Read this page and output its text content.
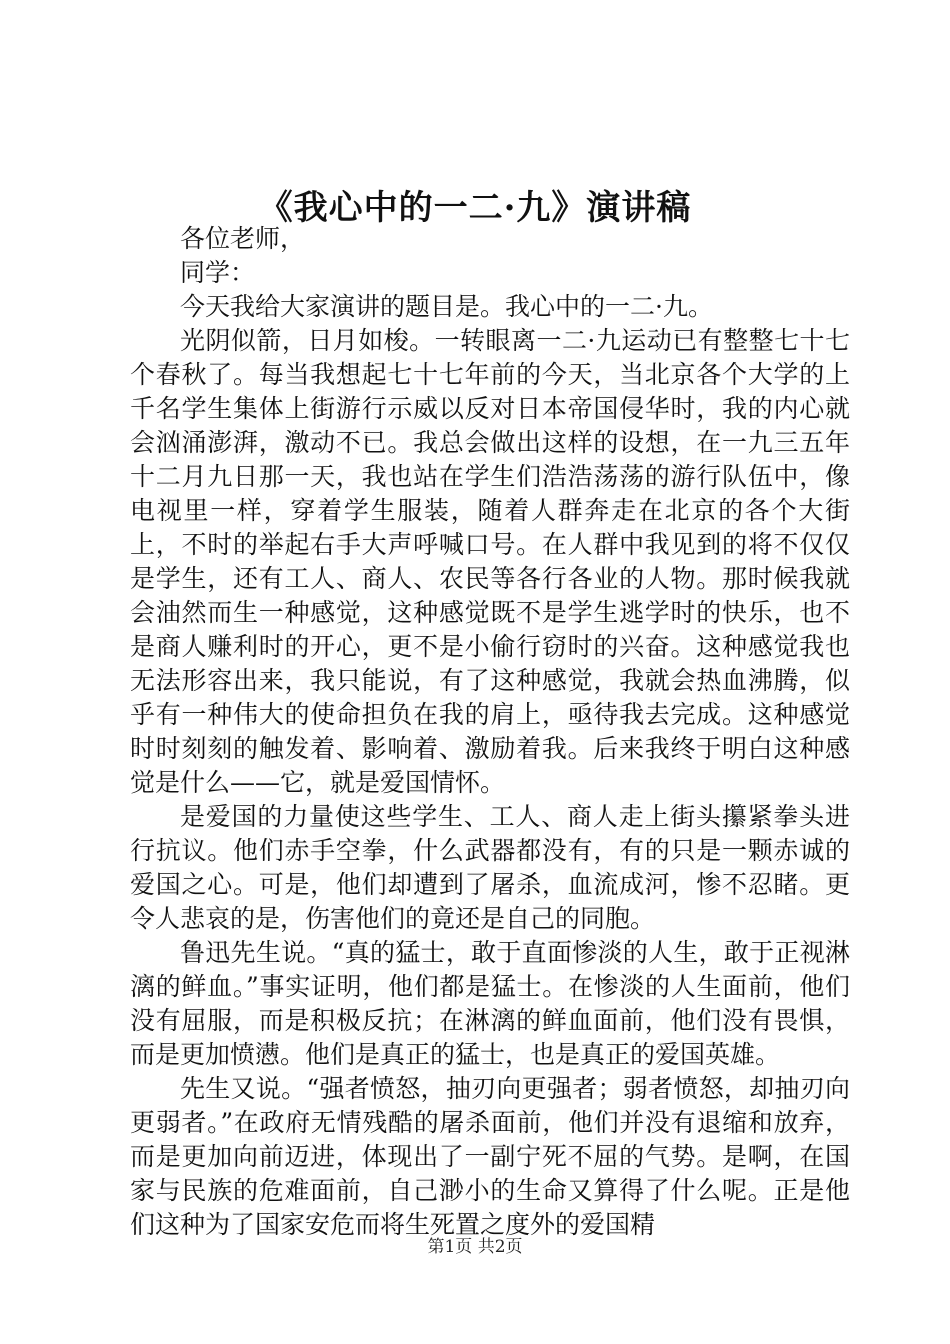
《我心中的一二·九》演讲稿

各位老师，

同学：

今天我给大家演讲的题目是。我心中的一二·九。

光阴似箭，日月如梭。一转眼离一二·九运动已有整整七十七个春秋了。每当我想起七十七年前的今天，当北京各个大学的上千名学生集体上街游行示威以反对日本帝国侵华时，我的内心就会汹涌澎湃，激动不已。我总会做出这样的设想，在一九三五年十二月九日那一天，我也站在学生们浩浩荡荡的游行队伍中，像电视里一样，穿着学生服装，随着人群奔走在北京的各个大街上，不时的举起右手大声呼喊口号。在人群中我见到的将不仅仅是学生，还有工人、商人、农民等各行各业的人物。那时候我就会油然而生一种感觉，这种感觉既不是学生逃学时的快乐，也不是商人赚利时的开心，更不是小偷行窃时的兴奋。这种感觉我也无法形容出来，我只能说，有了这种感觉，我就会热血沸腾，似乎有一种伟大的使命担负在我的肩上，亟待我去完成。这种感觉时时刻刻的触发着、影响着、激励着我。后来我终于明白这种感觉是什么——它，就是爱国情怀。

是爱国的力量使这些学生、工人、商人走上街头攥紧拳头进行抗议。他们赤手空拳，什么武器都没有，有的只是一颗赤诚的爱国之心。可是，他们却遭到了屠杀，血流成河，惨不忍睹。更令人悲哀的是，伤害他们的竟还是自己的同胞。

鲁迅先生说。“真的猛士，敢于直面惨淡的人生，敢于正视淋漓的鲜血。”事实证明，他们都是猛士。在惨淡的人生面前，他们没有屈服，而是积极反抗；在淋漓的鲜血面前，他们没有畏惧，而是更加愤懑。他们是真正的猛士，也是真正的爱国英雄。

先生又说。“强者愤怒，抽刃向更强者；弱者愤怒，却抽刃向更弱者。”在政府无情残酷的屠杀面前，他们并没有退缩和放弃，而是更加向前迈进，体现出了一副宁死不屈的气势。是啊，在国家与民族的危难面前，自己渺小的生命又算得了什么呢。正是他们这种为了国家安危而将生死置之度外的爱国精

第1页 共2页
